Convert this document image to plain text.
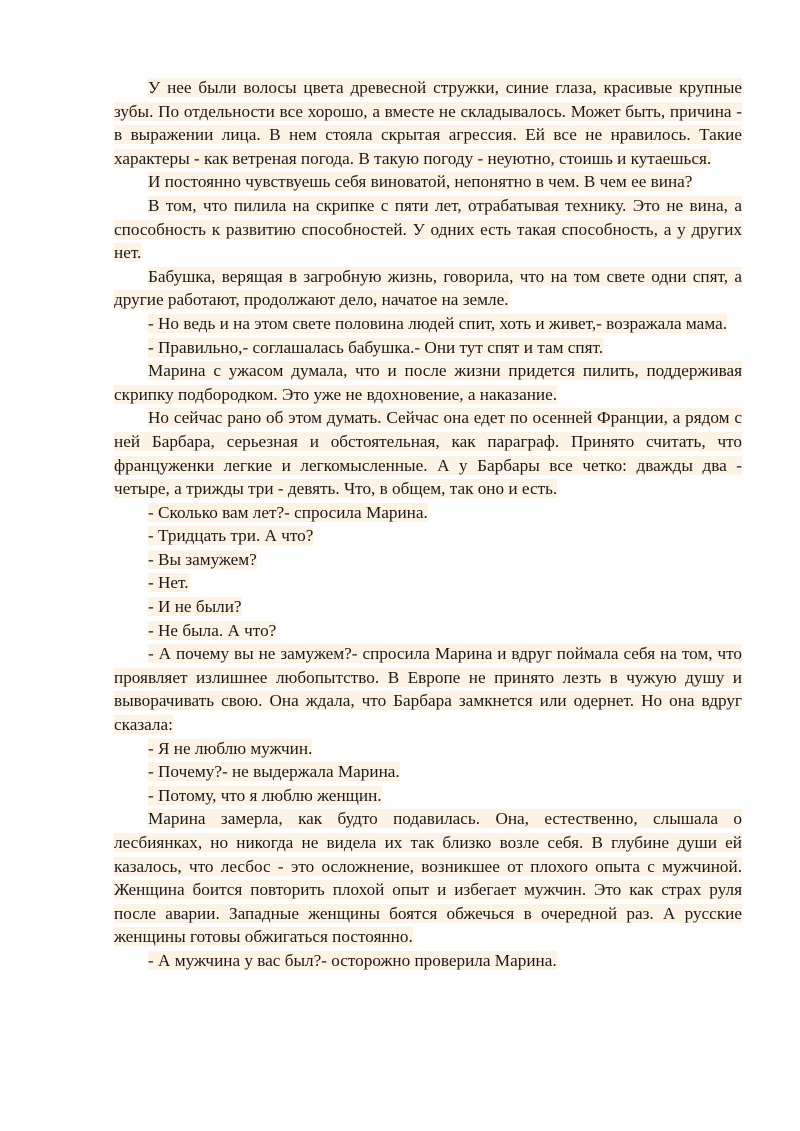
У нее были волосы цвета древесной стружки, синие глаза, красивые крупные зубы. По отдельности все хорошо, а вместе не складывалось. Может быть, причина - в выражении лица. В нем стояла скрытая агрессия. Ей все не нравилось. Такие характеры - как ветреная погода. В такую погоду - неуютно, стоишь и кутаешься.

И постоянно чувствуешь себя виноватой, непонятно в чем. В чем ее вина?

В том, что пилила на скрипке с пяти лет, отрабатывая технику. Это не вина, а способность к развитию способностей. У одних есть такая способность, а у других нет.

Бабушка, верящая в загробную жизнь, говорила, что на том свете одни спят, а другие работают, продолжают дело, начатое на земле.

- Но ведь и на этом свете половина людей спит, хоть и живет,- возражала мама.

- Правильно,- соглашалась бабушка.- Они тут спят и там спят.

Марина с ужасом думала, что и после жизни придется пилить, поддерживая скрипку подбородком. Это уже не вдохновение, а наказание.

Но сейчас рано об этом думать. Сейчас она едет по осенней Франции, а рядом с ней Барбара, серьезная и обстоятельная, как параграф. Принято считать, что француженки легкие и легкомысленные. А у Барбары все четко: дважды два - четыре, а трижды три - девять. Что, в общем, так оно и есть.

- Сколько вам лет?- спросила Марина.

- Тридцать три. А что?

- Вы замужем?

- Нет.

- И не были?

- Не была. А что?

- А почему вы не замужем?- спросила Марина и вдруг поймала себя на том, что проявляет излишнее любопытство. В Европе не принято лезть в чужую душу и выворачивать свою. Она ждала, что Барбара замкнется или одернет. Но она вдруг сказала:

- Я не люблю мужчин.

- Почему?- не выдержала Марина.

- Потому, что я люблю женщин.

Марина замерла, как будто подавилась. Она, естественно, слышала о лесбиянках, но никогда не видела их так близко возле себя. В глубине души ей казалось, что лесбос - это осложнение, возникшее от плохого опыта с мужчиной. Женщина боится повторить плохой опыт и избегает мужчин. Это как страх руля после аварии. Западные женщины боятся обжечься в очередной раз. А русские женщины готовы обжигаться постоянно.

- А мужчина у вас был?- осторожно проверила Марина.
